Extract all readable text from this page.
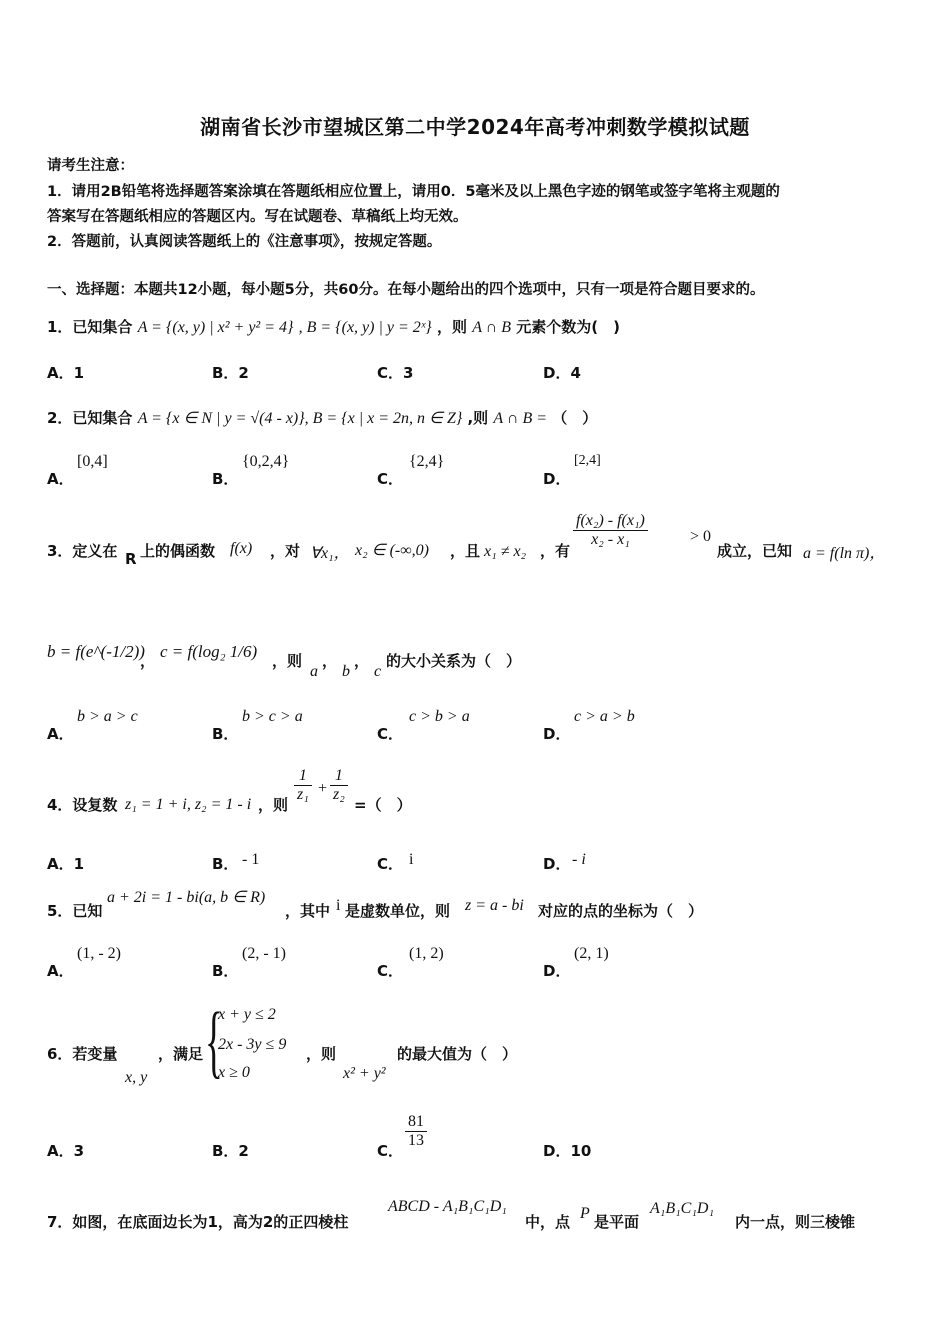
湖南省长沙市望城区第二中学2024年高考冲刺数学模拟试题
请考生注意：
1．请用2B铅笔将选择题答案涂填在答题纸相应位置上，请用0．5毫米及以上黑色字迹的钢笔或签字笔将主观题的
答案写在答题纸相应的答题区内。写在试题卷、草稿纸上均无效。
2．答题前，认真阅读答题纸上的《注意事项》，按规定答题。
一、选择题：本题共12小题，每小题5分，共60分。在每小题给出的四个选项中，只有一项是符合题目要求的。
1．已知集合 A = {(x, y) | x² + y² = 4} , B = {(x, y) | y = 2ˣ} ，则 A ∩ B 元素个数为(　)
A．1	B．2	C．3	D．4
2．已知集合 A = {x ∈ N | y = √(4 - x)}, B = {x | x = 2n, n ∈ Z} ,则 A ∩ B = （　）
A．
[0,4]
B．
{0,2,4}
C．
{2,4}
D．
[2,4]
3．定义在 R 上的偶函数 f(x) ，对 ∀x₁， x₂ ∈ (-∞,0) ，且 x₁ ≠ x₂ ，有
$\frac{\text{f(x₂) - f(x₁)}}{\text{x₂ - x₁}}$	> 0
成立，已知 a = f(ln π)，
b = f(e^(-1/2))
， c = f(log₂ 1/6) ，则
a
，
b
，
c
的大小关系为（　）
A．
b > a > c
B．
b > c > a
C．
c > b > a
D．
c > a > b
4．设复数 z₁ = 1 + i, z₂ = 1 - i ，则
$\frac{1}{\text{z₁}} + \frac{1}{\text{z₂}}$
=（　）
A．1	B． - 1	C． i	D． - i
5．已知
a + 2i = 1 - bi(a, b ∈ R)
，其中 i 是虚数单位，则 z = a - bi 对应的点的坐标为（　）
A．
(1, - 2)
B．
(2, - 1)
C．
(1, 2)
D．
(2, 1)
6．若变量
x, y
，满足 {
x + y ≤ 2
2x - 3y ≤ 9
x ≥ 0
，则
x² + y²
的最大值为（　）
A．3	B．2	C．
$\frac{81}{13}$
D．10
7．如图，在底面边长为1，高为2的正四棱柱
ABCD - A₁B₁C₁D₁
中，点 P 是平面
A₁B₁C₁D₁
内一点，则三棱锥
